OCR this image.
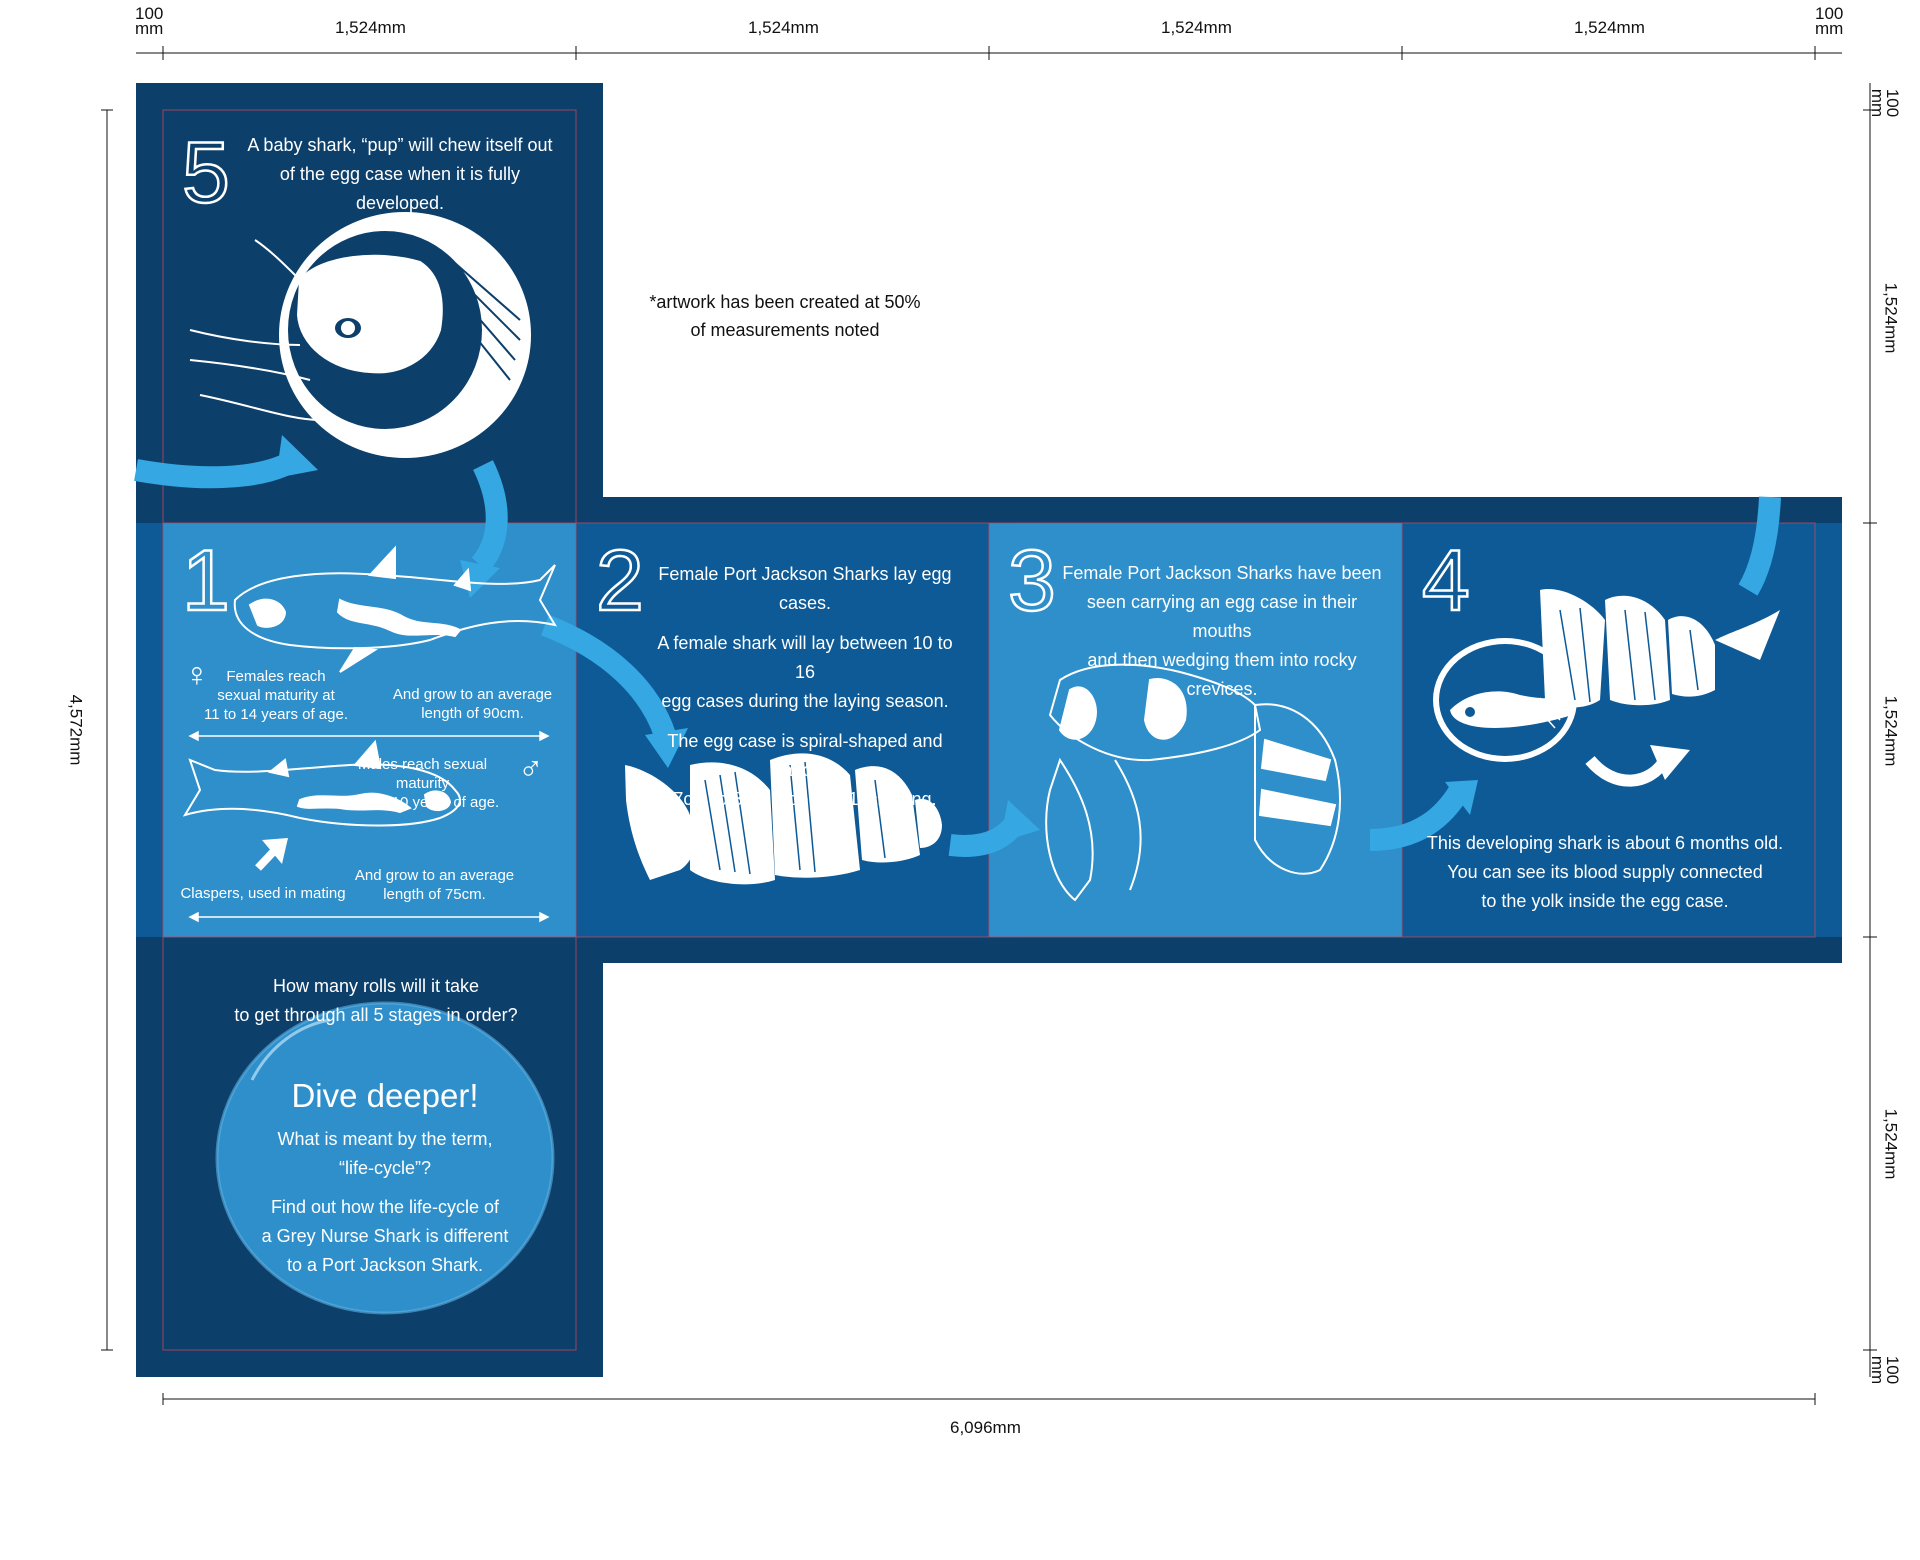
100
mm	1,524mm	1,524mm	1,524mm	1,524mm
100
mm
100
mm
1,524mm
1,524mm
1,524mm
100
mm
4,572mm
6,096mm
*artwork has been created at 50%
of measurements noted
5 A baby shark, “pup” will chew itself out
of the egg case when it is fully developed.
1
♀	Females reach
sexual maturity at
11 to 14 years of age.
And grow to an average
length of 90cm.
Males reach sexual maturity
at 8 to 10 years of age.
♂
Claspers, used in mating
And grow to an average
length of 75cm.
2 Female Port Jackson Sharks lay egg cases.
A female shark will lay between 10 to 16
egg cases during the laying season.
The egg case is spiral-shaped and about
7cm to 8cm wide and 15cm long.
3 Female Port Jackson Sharks have been
seen carrying an egg case in their mouths
and then wedging them into rocky crevices.
4
This developing shark is about 6 months old.
You can see its blood supply connected
to the yolk inside the egg case.
How many rolls will it take
to get through all 5 stages in order?
Dive deeper!
What is meant by the term,
“life-cycle”?
Find out how the life-cycle of
a Grey Nurse Shark is different
to a Port Jackson Shark.
